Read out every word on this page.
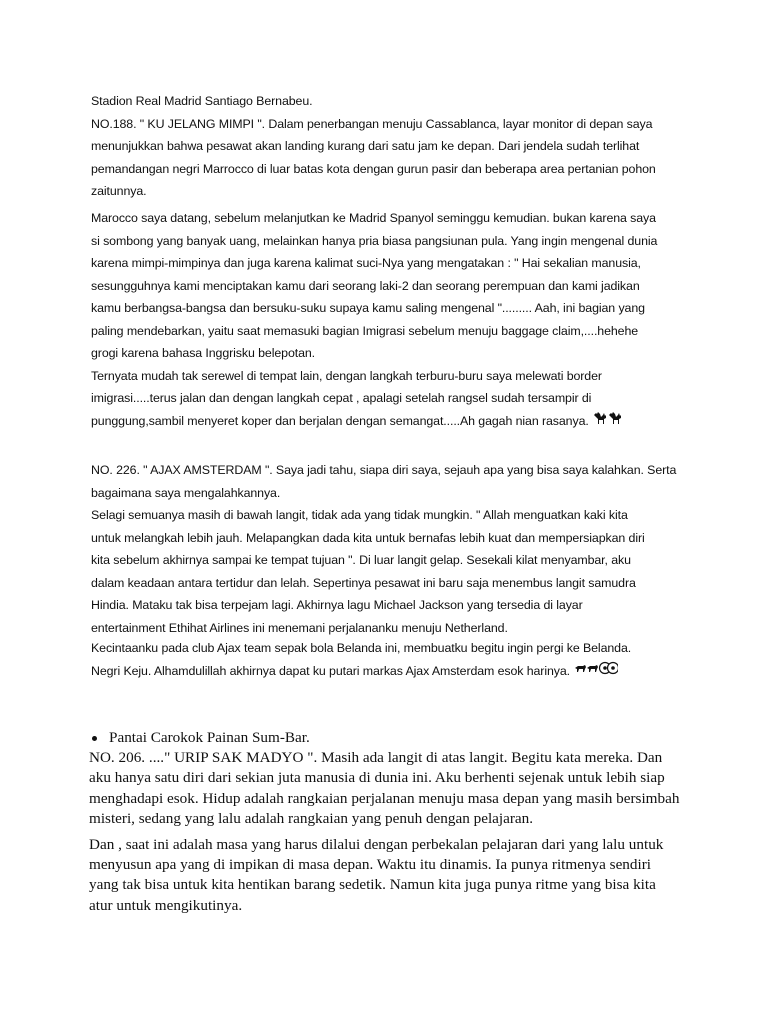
Stadion Real Madrid Santiago Bernabeu.

NO.188. " KU JELANG MIMPI ". Dalam penerbangan menuju Cassablanca, layar monitor di depan saya

menunjukkan bahwa pesawat akan landing kurang dari satu jam ke depan. Dari jendela sudah terlihat

pemandangan negri Marrocco di luar batas kota dengan gurun pasir dan beberapa area pertanian pohon

zaitunnya.

Marocco saya datang, sebelum melanjutkan ke Madrid Spanyol seminggu kemudian. bukan karena saya

si sombong yang banyak uang, melainkan hanya pria biasa pangsiunan pula. Yang ingin mengenal dunia

karena mimpi-mimpinya dan juga karena kalimat suci-Nya yang mengatakan : " Hai sekalian manusia,

sesungguhnya kami menciptakan kamu dari seorang laki-2 dan seorang perempuan dan kami jadikan

kamu berbangsa-bangsa dan bersuku-suku supaya kamu saling mengenal "......... Aah, ini bagian yang

paling mendebarkan, yaitu saat memasuki bagian Imigrasi sebelum menuju baggage claim,....hehehe

grogi karena bahasa Inggrisku belepotan.

Ternyata mudah tak serewel di tempat lain, dengan langkah terburu-buru saya melewati border

imigrasi.....terus jalan dan dengan langkah cepat , apalagi setelah rangsel sudah tersampir di

punggung,sambil menyeret koper dan berjalan dengan semangat.....Ah gagah nian rasanya.

NO. 226. " AJAX AMSTERDAM ". Saya jadi tahu, siapa diri saya, sejauh apa yang bisa saya kalahkan. Serta

bagaimana saya mengalahkannya.

Selagi semuanya masih di bawah langit, tidak ada yang tidak mungkin. " Allah menguatkan kaki kita

untuk melangkah lebih jauh. Melapangkan dada kita untuk bernafas lebih kuat dan mempersiapkan diri

kita sebelum akhirnya sampai ke tempat tujuan ". Di luar langit gelap. Sesekali kilat menyambar, aku

dalam keadaan antara tertidur dan lelah. Sepertinya pesawat ini baru saja menembus langit samudra

Hindia. Mataku tak bisa terpejam lagi. Akhirnya lagu Michael Jackson yang tersedia di layar

entertainment Ethihat Airlines ini menemani perjalananku menuju Netherland.

Kecintaanku pada club Ajax team sepak bola Belanda ini, membuatku begitu ingin pergi ke Belanda.

Negri Keju. Alhamdulillah akhirnya dapat ku putari markas Ajax Amsterdam esok harinya.

Pantai Carokok Painan Sum-Bar.

NO. 206. ...." URIP SAK MADYO ". Masih ada langit di atas langit. Begitu kata mereka. Dan

aku hanya satu diri dari sekian juta manusia di dunia ini. Aku berhenti sejenak untuk lebih siap

menghadapi esok. Hidup adalah rangkaian perjalanan menuju masa depan yang masih bersimbah

misteri, sedang yang lalu adalah rangkaian yang penuh dengan pelajaran.

Dan , saat ini adalah masa yang harus dilalui dengan perbekalan pelajaran dari yang lalu untuk

menyusun apa yang di impikan di masa depan. Waktu itu dinamis. Ia punya ritmenya sendiri

yang tak bisa untuk kita hentikan barang sedetik. Namun kita juga punya ritme yang bisa kita

atur untuk mengikutinya.
